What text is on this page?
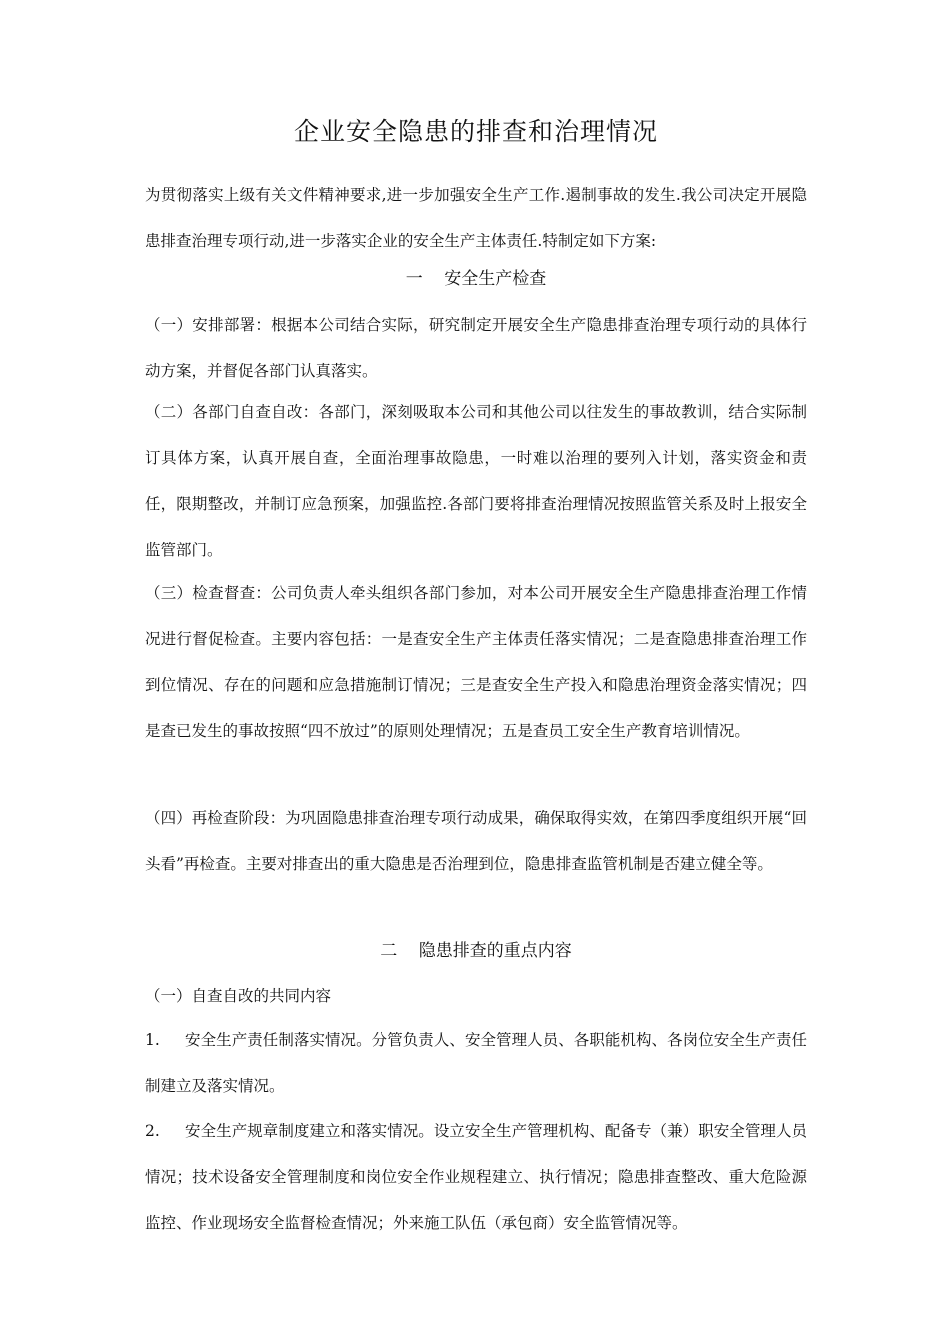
企业安全隐患的排查和治理情况

为贯彻落实上级有关文件精神要求,进一步加强安全生产工作.遏制事故的发生.我公司决定开展隐患排查治理专项行动,进一步落实企业的安全生产主体责任.特制定如下方案:

一    安全生产检查

（一）安排部署：根据本公司结合实际，研究制定开展安全生产隐患排查治理专项行动的具体行动方案，并督促各部门认真落实。

（二）各部门自查自改：各部门，深刻吸取本公司和其他公司以往发生的事故教训，结合实际制订具体方案，认真开展自查，全面治理事故隐患，一时难以治理的要列入计划，落实资金和责任，限期整改，并制订应急预案，加强监控.各部门要将排查治理情况按照监管关系及时上报安全监管部门。

（三）检查督查：公司负责人牵头组织各部门参加，对本公司开展安全生产隐患排查治理工作情况进行督促检查。主要内容包括：一是查安全生产主体责任落实情况；二是查隐患排查治理工作到位情况、存在的问题和应急措施制订情况；三是查安全生产投入和隐患治理资金落实情况；四是查已发生的事故按照“四不放过”的原则处理情况；五是查员工安全生产教育培训情况。

（四）再检查阶段：为巩固隐患排查治理专项行动成果，确保取得实效，在第四季度组织开展“回头看”再检查。主要对排查出的重大隐患是否治理到位，隐患排查监管机制是否建立健全等。

二    隐患排查的重点内容

（一）自查自改的共同内容

1. 安全生产责任制落实情况。分管负责人、安全管理人员、各职能机构、各岗位安全生产责任制建立及落实情况。

2. 安全生产规章制度建立和落实情况。设立安全生产管理机构、配备专（兼）职安全管理人员情况；技术设备安全管理制度和岗位安全作业规程建立、执行情况；隐患排查整改、重大危险源监控、作业现场安全监督检查情况；外来施工队伍（承包商）安全监管情况等。
